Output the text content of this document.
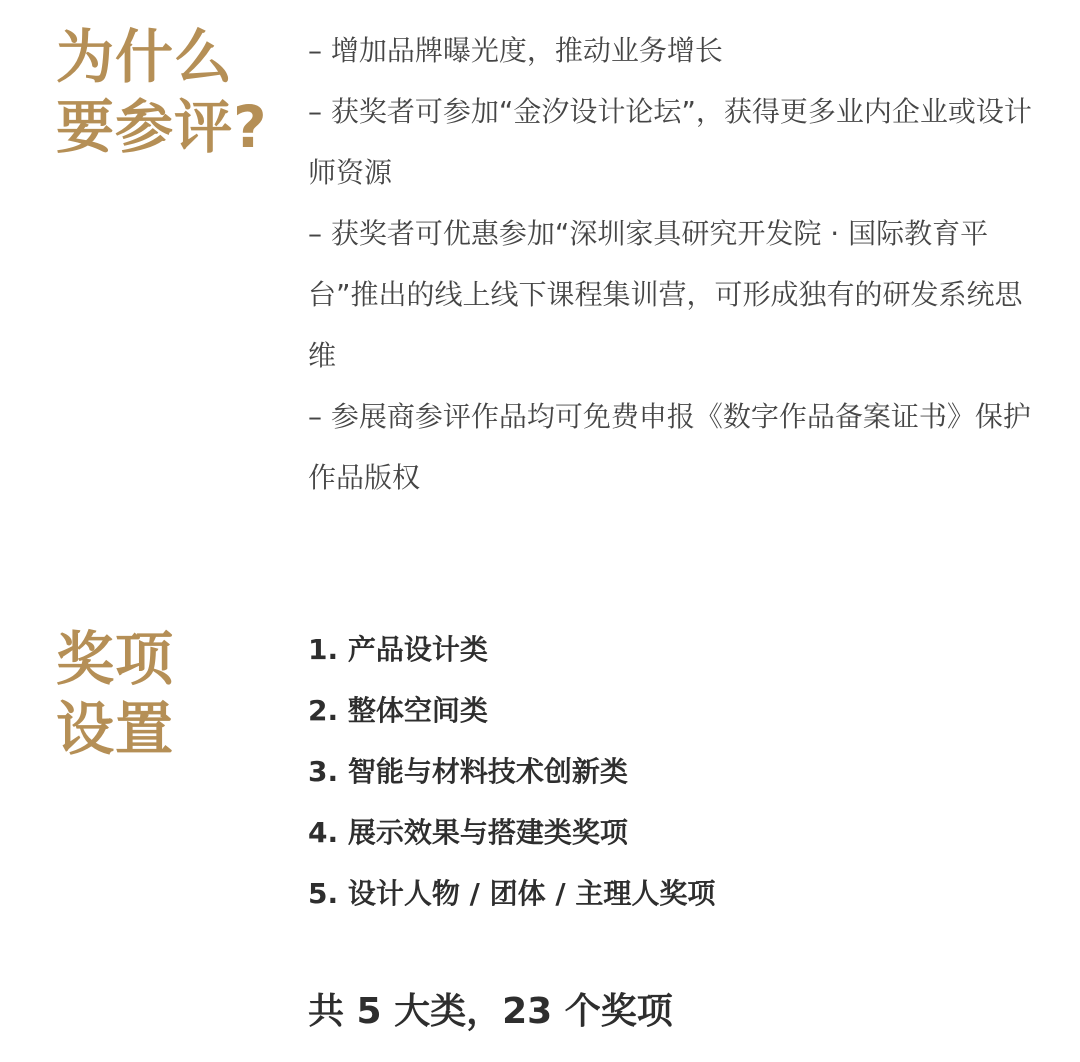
为什么
要参评?
– 增加品牌曝光度，推动业务增长
– 获奖者可参加“金汐设计论坛”，获得更多业内企业或设计师资源
– 获奖者可优惠参加“深圳家具研究开发院 · 国际教育平台”推出的线上线下课程集训营，可形成独有的研发系统思维
– 参展商参评作品均可免费申报《数字作品备案证书》保护作品版权
奖项
设置
1. 产品设计类
2. 整体空间类
3. 智能与材料技术创新类
4. 展示效果与搭建类奖项
5. 设计人物 / 团体 / 主理人奖项

共 5 大类，23 个奖项
